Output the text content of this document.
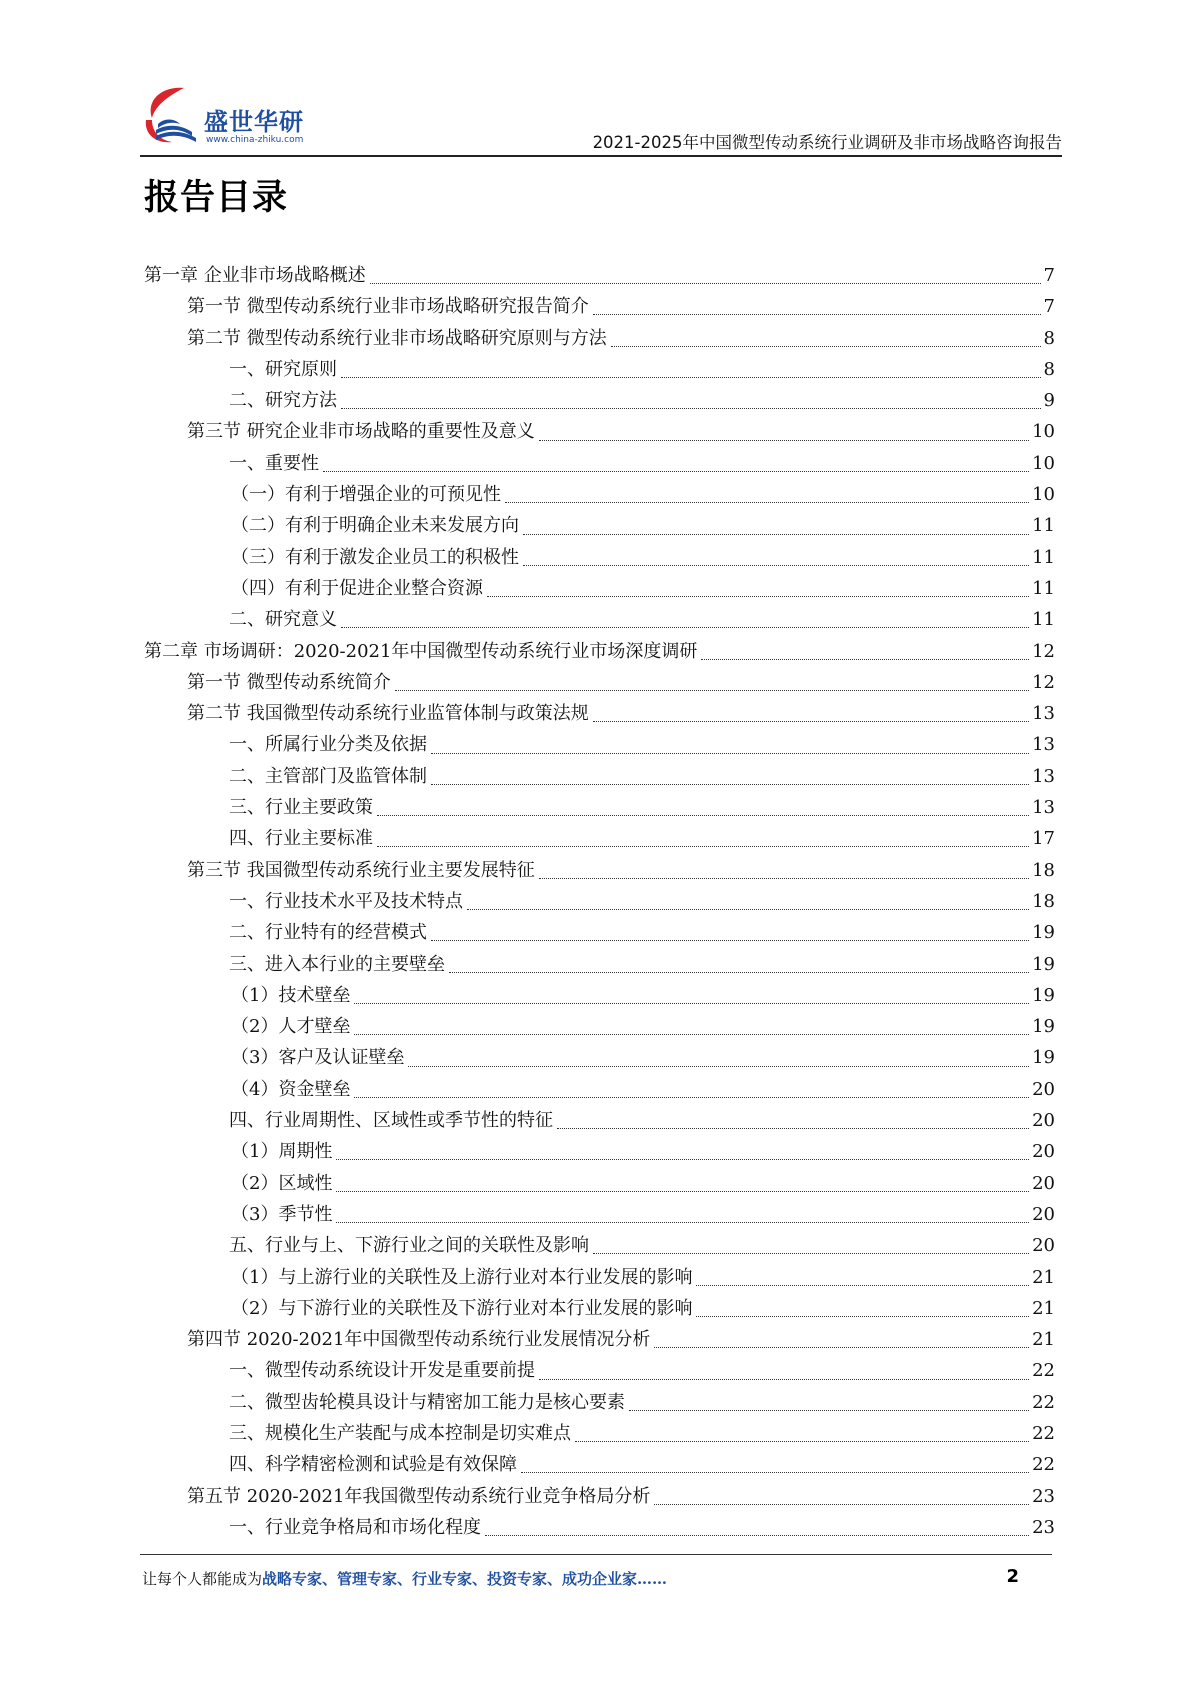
盛世华研
www.china-zhiku.com	2021-2025年中国微型传动系统行业调研及非市场战略咨询报告
报告目录
第一章 企业非市场战略概述	7
第一节 微型传动系统行业非市场战略研究报告简介	7
第二节 微型传动系统行业非市场战略研究原则与方法	8
一、研究原则	8
二、研究方法	9
第三节 研究企业非市场战略的重要性及意义	10
一、重要性	10
（一）有利于增强企业的可预见性	10
（二）有利于明确企业未来发展方向	11
（三）有利于激发企业员工的积极性	11
（四）有利于促进企业整合资源	11
二、研究意义	11
第二章 市场调研：2020-2021年中国微型传动系统行业市场深度调研	12
第一节 微型传动系统简介	12
第二节 我国微型传动系统行业监管体制与政策法规	13
一、所属行业分类及依据	13
二、主管部门及监管体制	13
三、行业主要政策	13
四、行业主要标准	17
第三节 我国微型传动系统行业主要发展特征	18
一、行业技术水平及技术特点	18
二、行业特有的经营模式	19
三、进入本行业的主要壁垒	19
（1）技术壁垒	19
（2）人才壁垒	19
（3）客户及认证壁垒	19
（4）资金壁垒	20
四、行业周期性、区域性或季节性的特征	20
（1）周期性	20
（2）区域性	20
（3）季节性	20
五、行业与上、下游行业之间的关联性及影响	20
（1）与上游行业的关联性及上游行业对本行业发展的影响	21
（2）与下游行业的关联性及下游行业对本行业发展的影响	21
第四节 2020-2021年中国微型传动系统行业发展情况分析	21
一、微型传动系统设计开发是重要前提	22
二、微型齿轮模具设计与精密加工能力是核心要素	22
三、规模化生产装配与成本控制是切实难点	22
四、科学精密检测和试验是有效保障	22
第五节 2020-2021年我国微型传动系统行业竞争格局分析	23
一、行业竞争格局和市场化程度	23
让每个人都能成为战略专家、管理专家、行业专家、投资专家、成功企业家……	2
